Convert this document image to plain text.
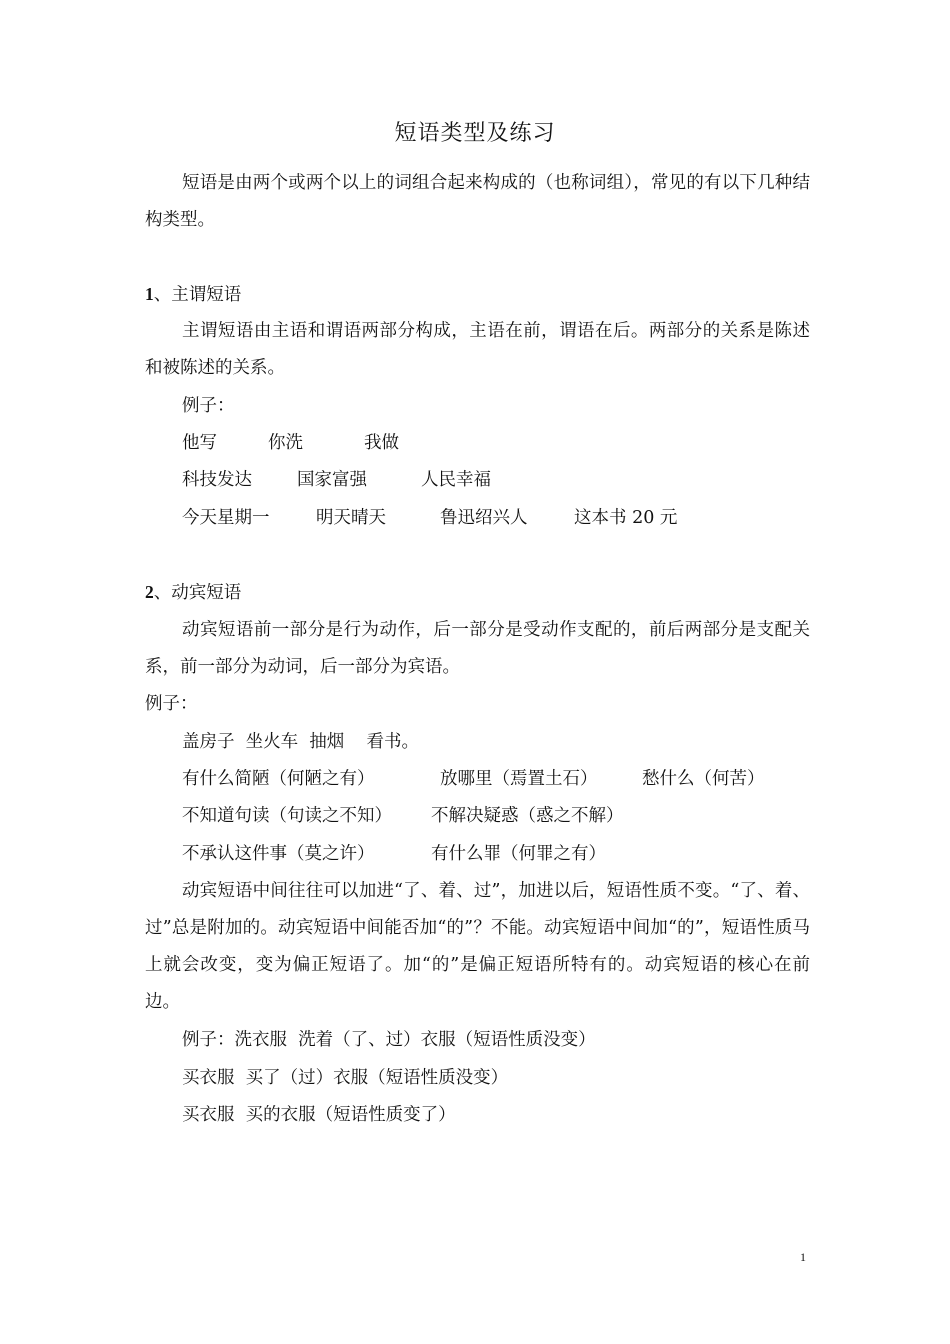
短语类型及练习
短语是由两个或两个以上的词组合起来构成的（也称词组），常见的有以下几种结构类型。
1、主谓短语
主谓短语由主语和谓语两部分构成，主语在前，谓语在后。两部分的关系是陈述和被陈述的关系。
例子：
他写	你洗	我做
科技发达	国家富强	人民幸福
今天星期一	明天晴天	鲁迅绍兴人	这本书 20 元
2、动宾短语
动宾短语前一部分是行为动作，后一部分是受动作支配的，前后两部分是支配关系，前一部分为动词，后一部分为宾语。
例子：
盖房子  坐火车  抽烟    看书。
有什么简陋（何陋之有）	放哪里（焉置土石）	愁什么（何苦）
不知道句读（句读之不知） 不解决疑惑（惑之不解）
不承认这件事（莫之许）	有什么罪（何罪之有）
动宾短语中间往往可以加进“了、着、过”，加进以后，短语性质不变。“了、着、过”总是附加的。动宾短语中间能否加“的”？不能。动宾短语中间加“的”，短语性质马上就会改变，变为偏正短语了。加“的”是偏正短语所特有的。动宾短语的核心在前边。
例子：洗衣服  洗着（了、过）衣服（短语性质没变）
买衣服  买了（过）衣服（短语性质没变）
买衣服  买的衣服（短语性质变了）
1
